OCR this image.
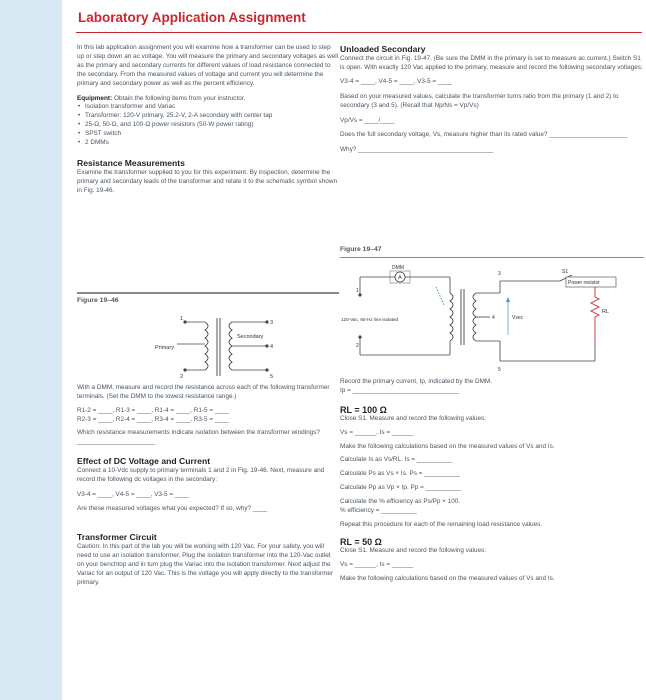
Laboratory Application Assignment

In this lab application assignment you will examine how a transformer can be used to step up or step down an ac voltage. You will measure the primary and secondary voltages as well as the primary and secondary currents for different values of load resistance connected to the secondary. From the measured values of voltage and current you will determine the primary and secondary power as well as the percent efficiency.

Equipment: Obtain the following items from your instructor.

• Isolation transformer and Variac
• Transformer: 120-V primary, 25.2-V, 2-A secondary with center tap
• 25-Ω, 50-Ω, and 100-Ω power resistors (50-W power rating)
• SPST switch
• 2 DMMs
Resistance Measurements

Examine the transformer supplied to you for this experiment. By inspection, determine the primary and secondary leads of the transformer and relate it to the schematic symbol shown in Fig. 19-46.

Figure 19–46
1
2
3
4
5
Primary
Secondary

With a DMM, measure and record the resistance across each of the following transformer terminals. (Set the DMM to the lowest resistance range.)

R1-2 = ____, R1-3 = ____, R1-4 = ____, R1-5 = ____

R2-3 = ____, R2-4 = ____, R3-4 = ____, R3-5 = ____

Which resistance measurements indicate isolation between the transformer windings? ______________________

Effect of DC Voltage and Current

Connect a 10-Vdc supply to primary terminals 1 and 2 in Fig. 19-46. Next, measure and record the following dc voltages in the secondary:

V3-4 = ____, V4-5 = ____, V3-5 = ____

Are these measured voltages what you expected? If so, why? ____

Transformer Circuit

Caution: In this part of the lab you will be working with 120 Vac. For your safety, you will need to use an isolation transformer. Plug the isolation transformer into the 120-Vac outlet on your benchtop and in turn plug the Variac into the isolation transformer. Next adjust the Variac for an output of 120 Vac. This is the voltage you will apply directly to the transformer primary.

Unloaded Secondary

Connect the circuit in Fig. 19-47. (Be sure the DMM in the primary is set to measure ac current.) Switch S1 is open. With exactly 120 Vac applied to the primary, measure and record the following secondary voltages:

V3-4 = ____, V4-5 = ____, V3-5 = ____

Based on your measured values, calculate the transformer turns ratio from the primary (1 and 2) to secondary (3 and 5). (Recall that Np/Ns = Vp/Vs)

Vp/Vs = ____/____

Does the full secondary voltage, Vs, measure higher than its rated value? ______________________

Why? ______________________________________

Figure 19–47
DMM
A
120-Vac, 60-Hz line isolated
Power resistor
RL
S1
Vsec
1
2
3
4
5

Record the primary current, Ip, indicated by the DMM.

Ip = ______________________________

RL = 100 Ω

Close S1. Measure and record the following values:

Vs = ______, Is = ______

Make the following calculations based on the measured values of Vs and Is.

Calculate Is as Vs/RL. Is = __________

Calculate Ps as Vs × Is. Ps = __________

Calculate Pp as Vp × Ip. Pp = __________

Calculate the % efficiency as Ps/Pp × 100.

% efficiency = __________

Repeat this procedure for each of the remaining load resistance values.

RL = 50 Ω

Close S1. Measure and record the following values:

Vs = ______, Is = ______

Make the following calculations based on the measured values of Vs and Is.
